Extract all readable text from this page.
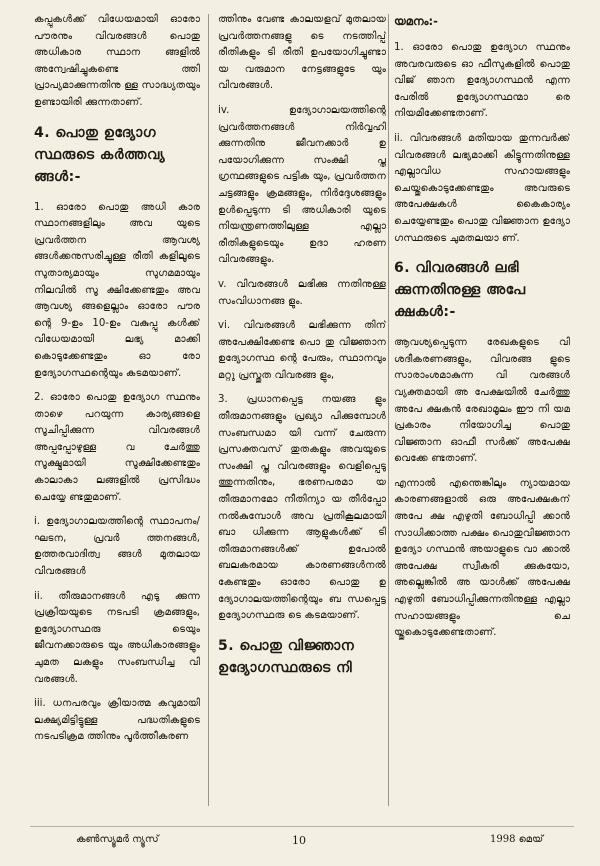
കപ്പുകൾക്ക് വിധേയമായി ഓരോ പൗരനും വിവരങ്ങൾ പൊതു അധികാര സ്ഥാന ങ്ങളിൽ അന്വേഷിച്ചുകണ്ടെ ത്തി പ്രാപ്യമാക്കുന്നതിനു ള്ള സാദ്ധ്യതയും ഉണ്ടായിരി ക്കുന്നതാണ്.

4. പൊതു ഉദ്യോഗ സ്ഥരുടെ കർത്തവ്യ ങ്ങൾ:-

1. ഓരോ പൊതു അധി കാര സ്ഥാനങ്ങളിലും അവ യുടെ പ്രവർത്തന ആവശ്യ ങ്ങൾക്കനുസരിച്ചുള്ള രീതി കളിലൂടെ സുതാര്യമായും സുഗമമായും നിലവിൽ സൂ ക്ഷിക്കേണ്ടതും അവ ആവശ്യ ങ്ങളെല്ലാം ഓരോ പൗര ന്റെ 9-ഉം 10-ഉം വകുപ്പു കൾക്ക് വിധേയമായി ലഭ്യ മാക്കി കൊടുക്കേണ്ടതും ഓ രോ ഉദ്യോഗസ്ഥന്റെയും കടമയാണ്.

2. ഓരോ പൊതു ഉദ്യോഗ സ്ഥനും താഴെ പറയുന്ന കാര്യങ്ങളെ സൂചിപ്പിക്കുന്ന വിവരങ്ങൾ അപ്പപ്പോഴുള്ള വ ചേർത്തു സൂക്ഷ്മമായി സൂക്ഷിക്കേണ്ടതും കാലാകാ ലങ്ങളിൽ പ്രസിദ്ധം ചെയ്യേ ണ്ടതുമാണ്.

i. ഉദ്യോഗാലയത്തിന്റെ സ്ഥാപനം/ഘടന, പ്രവർ ത്തനങ്ങൾ, ഉത്തരവാദിത്വ ങ്ങൾ മുതലായ വിവരങ്ങൾ

ii. തീരുമാനങ്ങൾ എടു ക്കുന്ന പ്രക്രിയയുടെ നടപടി ക്രമങ്ങളും, ഉദ്യോഗസ്ഥരു ടെയും ജീവനക്കാരുടെ യും അധികാരങ്ങളും ചുമത ലകളും സംബന്ധിച്ച വി വരങ്ങൾ.

iii. ധനപരവും ക്രിയാത്മ കവുമായി ലക്ഷ്യമിട്ടിട്ടുള്ള പദ്ധതികളുടെ നടപടിക്രമ ത്തിനും പൂർത്തീകരണ

ത്തിനും വേണ്ട കാലയളവ് മുതലായ പ്രവർത്തനങ്ങളു ടെ നടത്തിപ്പ് രീതികളും ടി രീതി ഉപയോഗിച്ചുണ്ടാ യ വരുമാന നേട്ടങ്ങളുടേ യും വിവരങ്ങൾ.

iv. ഉദ്യോഗാലയത്തിന്റെ പ്രവർത്തനങ്ങൾ നിർവ്വഹി ക്കുന്നതിനു ജീവനക്കാർ ഉ പയോഗിക്കുന്ന സംക്ഷി പ്ത ഗ്രന്ഥങ്ങളുടെ പട്ടിക യും, പ്രവർത്തന ചട്ടങ്ങളും ക്രമങ്ങളും, നിർദ്ദേശങ്ങളും ഉൾപ്പെടുന്ന ടി അധികാരി യുടെ നിയന്ത്രണത്തിലുള്ള എല്ലാ രീതികളുടെയും ഉദാ ഹരണ വിവരങ്ങളും.

v. വിവരങ്ങൾ ലഭിക്കു ന്നതിനുള്ള സംവിധാനങ്ങ ളും.

vi. വിവരങ്ങൾ ലഭിക്കുന്ന തിന് അപേക്ഷിക്കേണ്ട പൊ തു വിജ്ഞാന ഉദ്യോഗസ്ഥ ന്റെ പേരും, സ്ഥാനവും മറ്റു പ്രസ്തുത വിവരങ്ങ ളും,

3. പ്രധാനപ്പെട്ട നയങ്ങ ളും തീരുമാനങ്ങളും പ്രഖ്യാ പിക്കുമ്പോൾ സംബന്ധമാ യി വന്ന് ചേരുന്ന പ്രസക്തവസ് തുതകളും അവയുടെ സംക്ഷി പ്ത വിവരങ്ങളും വെളിപ്പെടു ത്തുന്നതിനും, ഭരണപരമാ യ തീരുമാനമോ നീതിന്യാ യ തീർപ്പോ നൽകുമ്പോൾ അവ പ്രതികൂലമായി ബാ ധിക്കുന്ന ആളുകൾക്ക് ടി തീരുമാനങ്ങൾക്ക് ഉപോൽ ബലകരമായ കാരണങ്ങൾനൽ കേണ്ടതും ഓരോ പൊതു ഉ ദ്യോഗാലയത്തിന്റെയും ബ ന്ധപ്പെട്ട ഉദ്യോഗസ്ഥരു ടെ കടമയാണ്.

5. പൊതു വിജ്ഞാന ഉദ്യോഗസ്ഥരുടെ നി
യമനം:-

1. ഓരോ പൊതു ഉദ്യോഗ സ്ഥനും അവരവരുടെ ഓ ഫീസുകളിൽ പൊതു വിജ് ഞാന ഉദ്യോഗസ്ഥൻ എന്ന പേരിൽ ഉദ്യോഗസ്ഥന്മാ രെ നിയമിക്കേണ്ടതാണ്.

ii. വിവരങ്ങൾ മതിയായ തുന്നവർക്ക് വിവരങ്ങൾ ലഭ്യമാക്കി കിട്ടുന്നതിനുള്ള എല്ലാവിധ സഹായങ്ങളും ചെയ്തുകൊടുക്കേണ്ടതും അവരുടെ അപേക്ഷകൾ കൈകാര്യം ചെയ്യേണ്ടതും പൊതു വിജ്ഞാന ഉദ്യോ ഗസ്ഥരുടെ ചുമതലയാ ണ്.

6. വിവരങ്ങൾ ലഭി ക്കുന്നതിനുള്ള അപേ ക്ഷകൾ:-

ആവശ്യപ്പെടുന്ന രേഖകളുടെ വി ശദീകരണങ്ങളും, വിവരങ്ങ ളുടെ സാരാംശമാകുന്ന വി വരങ്ങൾ വ്യക്തമായി അ പേക്ഷയിൽ ചേർത്തു അപേ ക്ഷകൻ രേഖാമൂലം ഈ നി യമ പ്രകാരം നിയോഗിച്ച പൊതു വിജ്ഞാന ഓഫീ സർക്ക് അപേക്ഷ വെക്കേ ണ്ടതാണ്.

എന്നാൽ എന്തെങ്കിലും ന്യായമായ കാരണങ്ങളാൽ ഒരു അപേക്ഷകന് അപേ ക്ഷ എഴുതി ബോധിപ്പി ക്കാൻ സാധിക്കാത്ത പക്ഷം പൊതുവിജ്ഞാന ഉദ്യോ ഗസ്ഥൻ അയാളുടെ വാ ക്കാൽ അപേക്ഷ സ്വീകരി ക്കുകയോ, അല്ലെങ്കിൽ അ യാൾക്ക് അപേക്ഷ എഴുതി ബോധിപ്പിക്കുന്നതിനുള്ള എല്ലാ സഹായങ്ങളും ചെ യ്തുകൊടുക്കേണ്ടതാണ്.

കൺസ്യൂമർ ന്യൂസ്	10	1998 മെയ്
